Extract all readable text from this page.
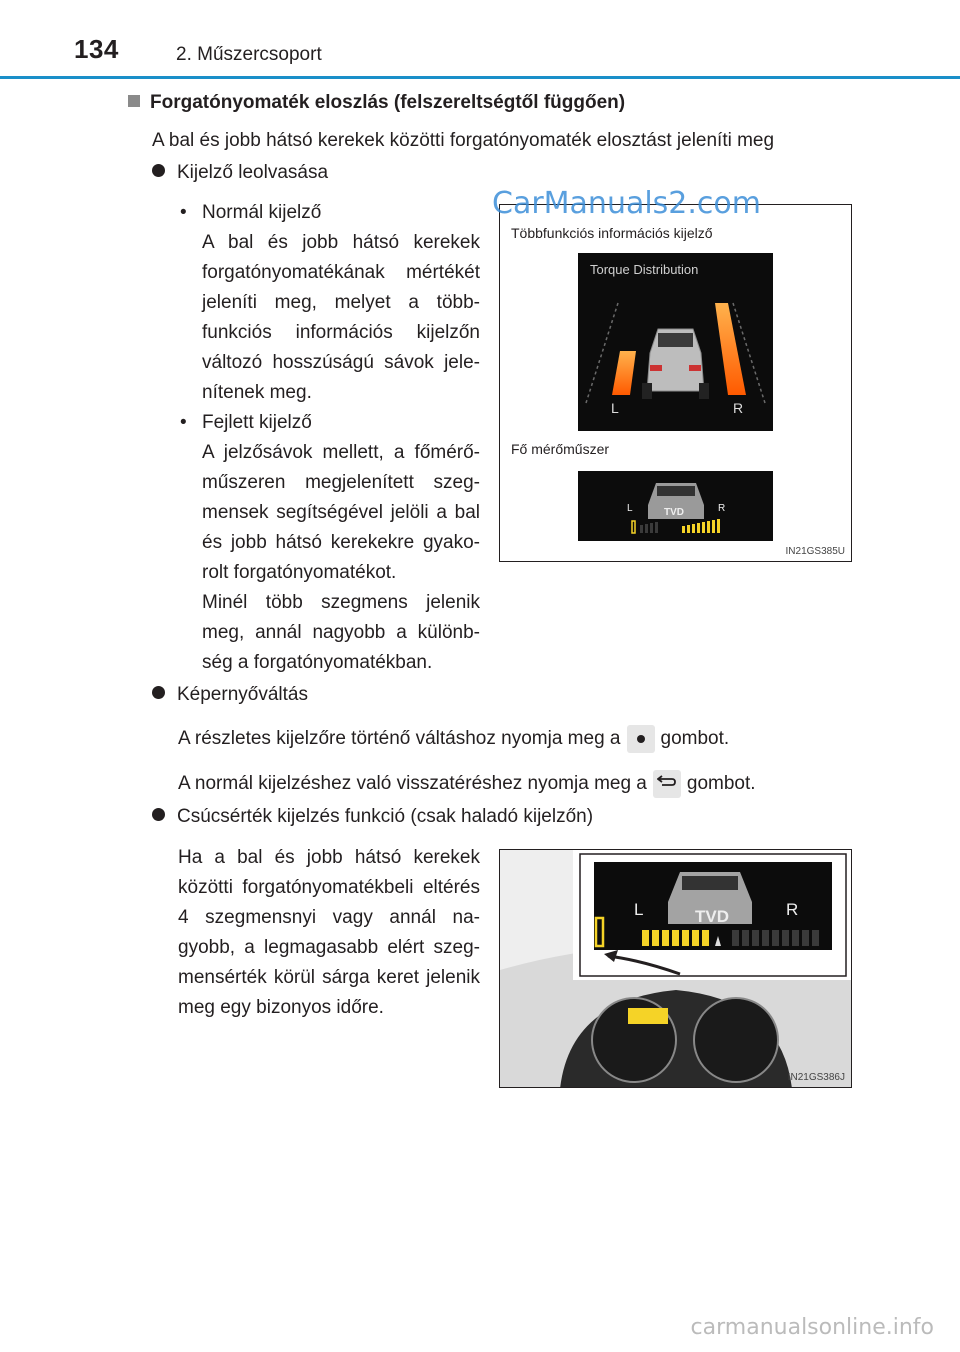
134	2. Műszercsoport
Forgatónyomaték eloszlás (felszereltségtől függően)
A bal és jobb hátsó kerekek közötti forgatónyomaték elosztást jeleníti meg
Kijelző leolvasása
• Normál kijelző
A bal és jobb hátsó kerekek forgatónyomatékának mértékét jeleníti meg, melyet a többfunkciós információs kijelzőn változó hosszúságú sávok jelenítenek meg.
• Fejlett kijelző
A jelzősávok mellett, a főmérőműszeren megjelenített szegmensek segítségével jelöli a bal és jobb hátsó kerekekre gyakorolt forgatónyomatékot.
Minél több szegmens jelenik meg, annál nagyobb a különbség a forgatónyomatékban.
Többfunkciós információs kijelző
Torque Distribution
L	R
Fő mérőműszer
L	R
TVD
IN21GS385U
Képernyőváltás
A részletes kijelzőre történő váltáshoz nyomja meg a gombot.
A normál kijelzéshez való visszatéréshez nyomja meg a gombot.
Csúcsérték kijelzés funkció (csak haladó kijelzőn)
Ha a bal és jobb hátsó kerekek közötti forgatónyomatékbeli eltérés 4 szegmensnyi vagy annál nagyobb, a legmagasabb elért szegmensérték körül sárga keret jelenik meg egy bizonyos időre.
L	R
TVD
IN21GS386J
CarManuals2.com
carmanualsonline.info
